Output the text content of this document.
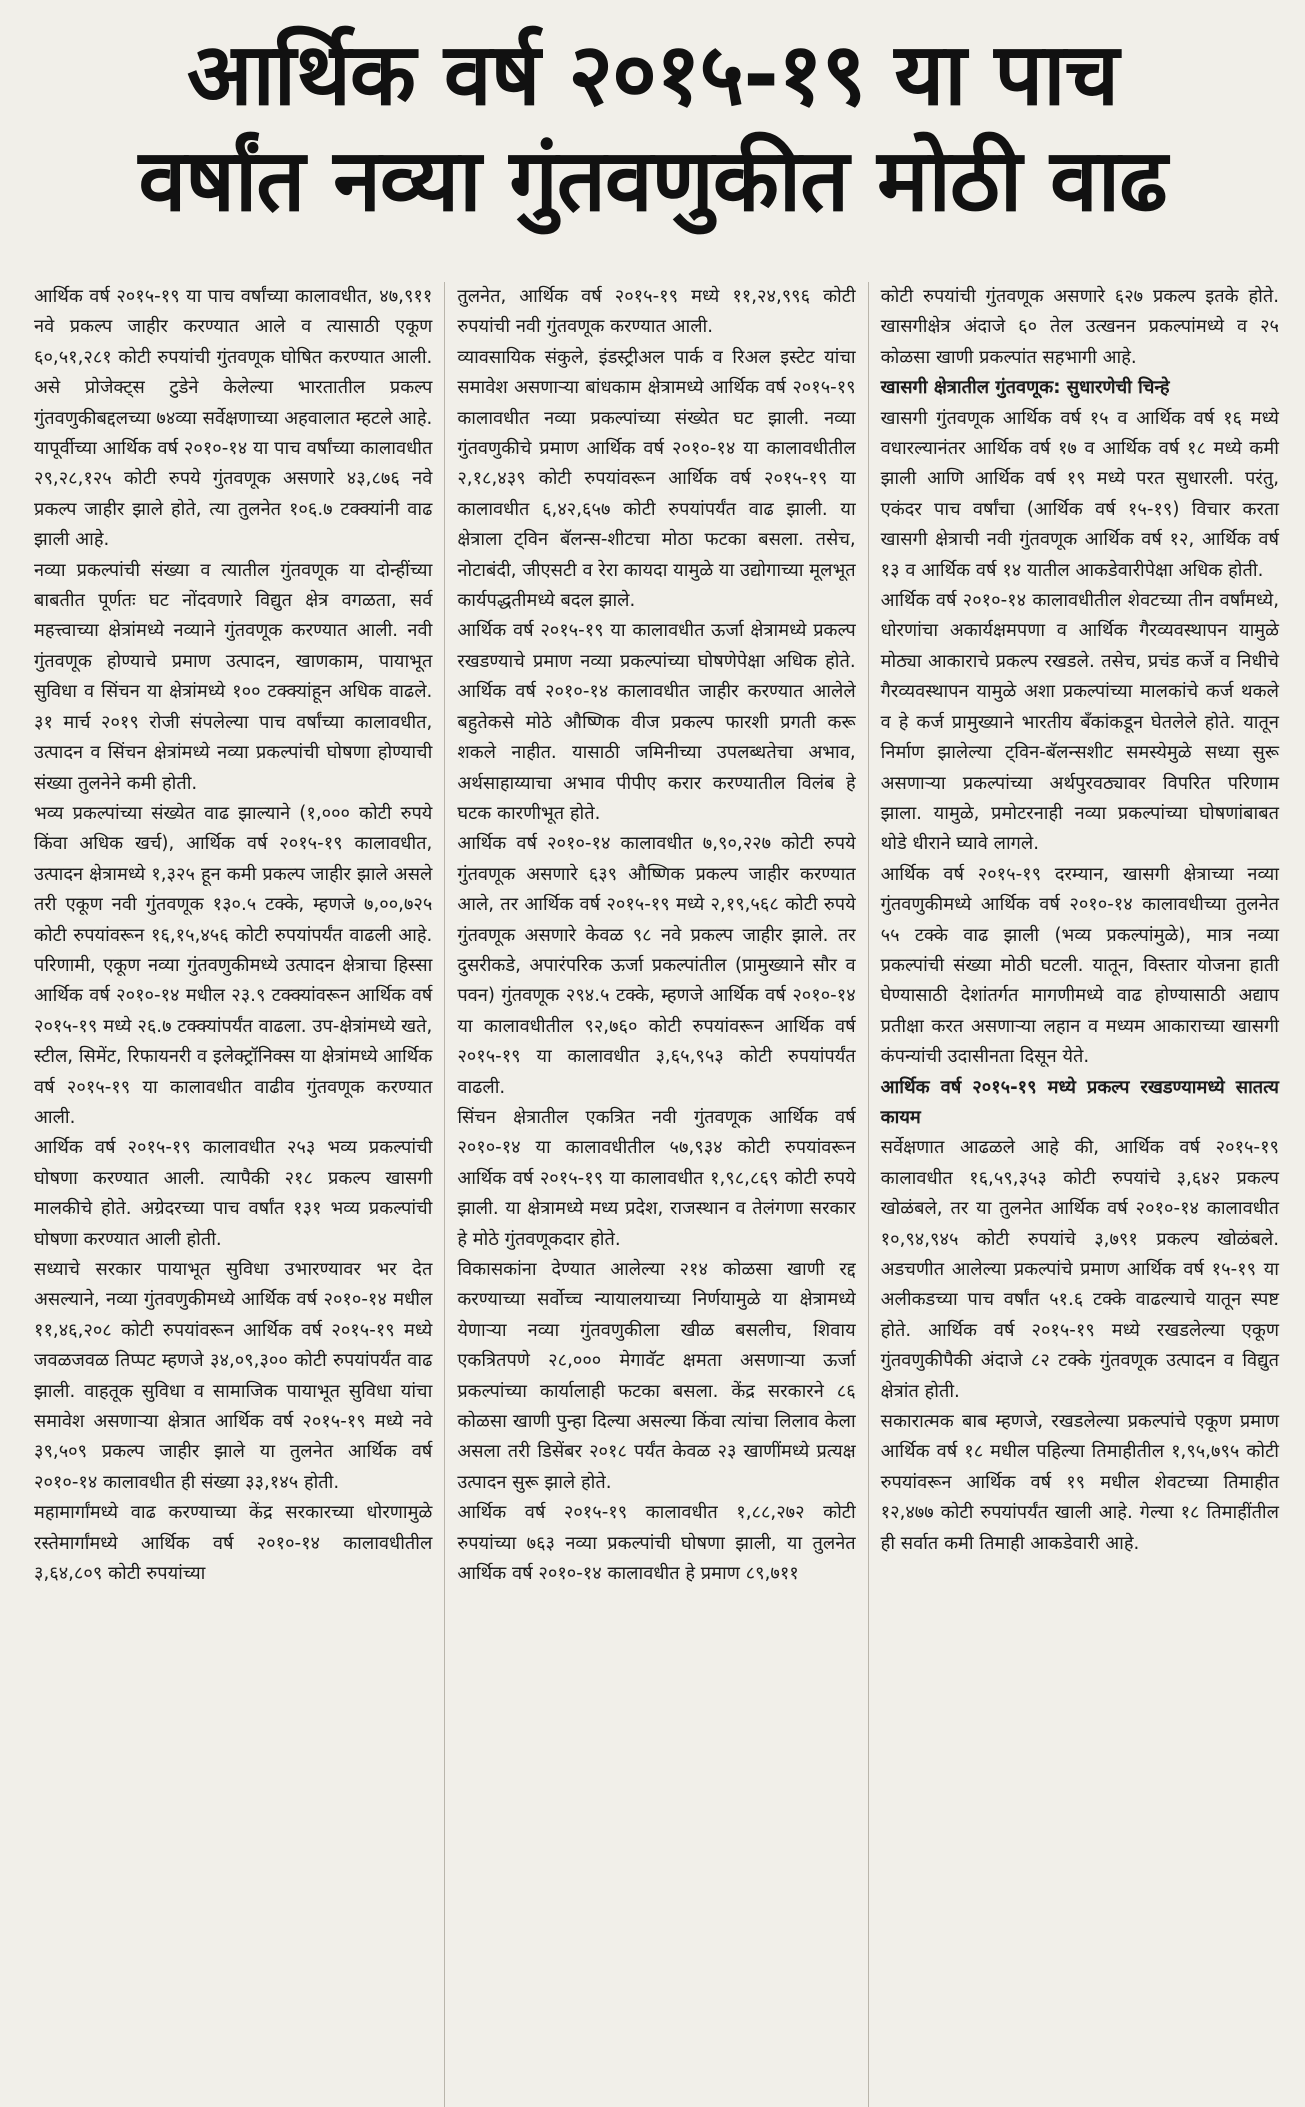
आर्थिक वर्ष २०१५-१९ या पाच
वर्षांत नव्या गुंतवणुकीत मोठी वाढ

आर्थिक वर्ष २०१५-१९ या पाच वर्षांच्या कालावधीत, ४७,९११ नवे प्रकल्प जाहीर करण्यात आले व त्यासाठी एकूण ६०,५१,२८१ कोटी रुपयांची गुंतवणूक घोषित करण्यात आली. असे प्रोजेक्ट्स टुडेने केलेल्या भारतातील प्रकल्प गुंतवणुकीबद्दलच्या ७४व्या सर्वेक्षणाच्या अहवालात म्हटले आहे. यापूर्वीच्या आर्थिक वर्ष २०१०-१४ या पाच वर्षांच्या कालावधीत २९,२८,१२५ कोटी रुपये गुंतवणूक असणारे ४३,८७६ नवे प्रकल्प जाहीर झाले होते, त्या तुलनेत १०६.७ टक्क्यांनी वाढ झाली आहे.

नव्या प्रकल्पांची संख्या व त्यातील गुंतवणूक या दोन्हींच्या बाबतीत पूर्णतः घट नोंदवणारे विद्युत क्षेत्र वगळता, सर्व महत्त्वाच्या क्षेत्रांमध्ये नव्याने गुंतवणूक करण्यात आली. नवी गुंतवणूक होण्याचे प्रमाण उत्पादन, खाणकाम, पायाभूत सुविधा व सिंचन या क्षेत्रांमध्ये १०० टक्क्यांहून अधिक वाढले. ३१ मार्च २०१९ रोजी संपलेल्या पाच वर्षांच्या कालावधीत, उत्पादन व सिंचन क्षेत्रांमध्ये नव्या प्रकल्पांची घोषणा होण्याची संख्या तुलनेने कमी होती.

भव्य प्रकल्पांच्या संख्येत वाढ झाल्याने (१,००० कोटी रुपये किंवा अधिक खर्च), आर्थिक वर्ष २०१५-१९ कालावधीत, उत्पादन क्षेत्रामध्ये १,३२५ हून कमी प्रकल्प जाहीर झाले असले तरी एकूण नवी गुंतवणूक १३०.५ टक्के, म्हणजे ७,००,७२५ कोटी रुपयांवरून १६,१५,४५६ कोटी रुपयांपर्यंत वाढली आहे. परिणामी, एकूण नव्या गुंतवणुकीमध्ये उत्पादन क्षेत्राचा हिस्सा आर्थिक वर्ष २०१०-१४ मधील २३.९ टक्क्यांवरून आर्थिक वर्ष २०१५-१९ मध्ये २६.७ टक्क्यांपर्यंत वाढला. उप-क्षेत्रांमध्ये खते, स्टील, सिमेंट, रिफायनरी व इलेक्ट्रॉनिक्स या क्षेत्रांमध्ये आर्थिक वर्ष २०१५-१९ या कालावधीत वाढीव गुंतवणूक करण्यात आली.

आर्थिक वर्ष २०१५-१९ कालावधीत २५३ भव्य प्रकल्पांची घोषणा करण्यात आली. त्यापैकी २१८ प्रकल्प खासगी मालकीचे होते. अग्रेदरच्या पाच वर्षांत १३१ भव्य प्रकल्पांची घोषणा करण्यात आली होती.

सध्याचे सरकार पायाभूत सुविधा उभारण्यावर भर देत असल्याने, नव्या गुंतवणुकीमध्ये आर्थिक वर्ष २०१०-१४ मधील ११,४६,२०८ कोटी रुपयांवरून आर्थिक वर्ष २०१५-१९ मध्ये जवळजवळ तिप्पट म्हणजे ३४,०९,३०० कोटी रुपयांपर्यंत वाढ झाली. वाहतूक सुविधा व सामाजिक पायाभूत सुविधा यांचा समावेश असणाऱ्या क्षेत्रात आर्थिक वर्ष २०१५-१९ मध्ये नवे ३९,५०९ प्रकल्प जाहीर झाले या तुलनेत आर्थिक वर्ष २०१०-१४ कालावधीत ही संख्या ३३,१४५ होती.

महामार्गांमध्ये वाढ करण्याच्या केंद्र सरकारच्या धोरणामुळे रस्तेमार्गांमध्ये आर्थिक वर्ष २०१०-१४ कालावधीतील ३,६४,८०९ कोटी रुपयांच्या

तुलनेत, आर्थिक वर्ष २०१५-१९ मध्ये ११,२४,९९६ कोटी रुपयांची नवी गुंतवणूक करण्यात आली.

व्यावसायिक संकुले, इंडस्ट्रीअल पार्क व रिअल इस्टेट यांचा समावेश असणाऱ्या बांधकाम क्षेत्रामध्ये आर्थिक वर्ष २०१५-१९ कालावधीत नव्या प्रकल्पांच्या संख्येत घट झाली. नव्या गुंतवणुकीचे प्रमाण आर्थिक वर्ष २०१०-१४ या कालावधीतील २,१८,४३९ कोटी रुपयांवरून आर्थिक वर्ष २०१५-१९ या कालावधीत ६,४२,६५७ कोटी रुपयांपर्यंत वाढ झाली. या क्षेत्राला ट्विन बॅलन्स-शीटचा मोठा फटका बसला. तसेच, नोटाबंदी, जीएसटी व रेरा कायदा यामुळे या उद्योगाच्या मूलभूत कार्यपद्धतीमध्ये बदल झाले.

आर्थिक वर्ष २०१५-१९ या कालावधीत ऊर्जा क्षेत्रामध्ये प्रकल्प रखडण्याचे प्रमाण नव्या प्रकल्पांच्या घोषणेपेक्षा अधिक होते. आर्थिक वर्ष २०१०-१४ कालावधीत जाहीर करण्यात आलेले बहुतेकसे मोठे औष्णिक वीज प्रकल्प फारशी प्रगती करू शकले नाहीत. यासाठी जमिनीच्या उपलब्धतेचा अभाव, अर्थसाहाय्याचा अभाव पीपीए करार करण्यातील विलंब हे घटक कारणीभूत होते.

आर्थिक वर्ष २०१०-१४ कालावधीत ७,९०,२२७ कोटी रुपये गुंतवणूक असणारे ६३९ औष्णिक प्रकल्प जाहीर करण्यात आले, तर आर्थिक वर्ष २०१५-१९ मध्ये २,१९,५६८ कोटी रुपये गुंतवणूक असणारे केवळ ९८ नवे प्रकल्प जाहीर झाले. तर दुसरीकडे, अपारंपरिक ऊर्जा प्रकल्पांतील (प्रामुख्याने सौर व पवन) गुंतवणूक २९४.५ टक्के, म्हणजे आर्थिक वर्ष २०१०-१४ या कालावधीतील ९२,७६० कोटी रुपयांवरून आर्थिक वर्ष २०१५-१९ या कालावधीत ३,६५,९५३ कोटी रुपयांपर्यंत वाढली.

सिंचन क्षेत्रातील एकत्रित नवी गुंतवणूक आर्थिक वर्ष २०१०-१४ या कालावधीतील ५७,९३४ कोटी रुपयांवरून आर्थिक वर्ष २०१५-१९ या कालावधीत १,९८,८६९ कोटी रुपये झाली. या क्षेत्रामध्ये मध्य प्रदेश, राजस्थान व तेलंगणा सरकार हे मोठे गुंतवणूकदार होते.

विकासकांना देण्यात आलेल्या २१४ कोळसा खाणी रद्द करण्याच्या सर्वोच्च न्यायालयाच्या निर्णयामुळे या क्षेत्रामध्ये येणाऱ्या नव्या गुंतवणुकीला खीळ बसलीच, शिवाय एकत्रितपणे २८,००० मेगावॅट क्षमता असणाऱ्या ऊर्जा प्रकल्पांच्या कार्यालाही फटका बसला. केंद्र सरकारने ८६ कोळसा खाणी पुन्हा दिल्या असल्या किंवा त्यांचा लिलाव केला असला तरी डिसेंबर २०१८ पर्यंत केवळ २३ खाणींमध्ये प्रत्यक्ष उत्पादन सुरू झाले होते.

आर्थिक वर्ष २०१५-१९ कालावधीत १,८८,२७२ कोटी रुपयांच्या ७६३ नव्या प्रकल्पांची घोषणा झाली, या तुलनेत आर्थिक वर्ष २०१०-१४ कालावधीत हे प्रमाण ८९,७११

कोटी रुपयांची गुंतवणूक असणारे ६२७ प्रकल्प इतके होते. खासगीक्षेत्र अंदाजे ६० तेल उत्खनन प्रकल्पांमध्ये व २५ कोळसा खाणी प्रकल्पांत सहभागी आहे.

खासगी क्षेत्रातील गुंतवणूक: सुधारणेची चिन्हे

खासगी गुंतवणूक आर्थिक वर्ष १५ व आर्थिक वर्ष १६ मध्ये वधारल्यानंतर आर्थिक वर्ष १७ व आर्थिक वर्ष १८ मध्ये कमी झाली आणि आर्थिक वर्ष १९ मध्ये परत सुधारली. परंतु, एकंदर पाच वर्षांचा (आर्थिक वर्ष १५-१९) विचार करता खासगी क्षेत्राची नवी गुंतवणूक आर्थिक वर्ष १२, आर्थिक वर्ष १३ व आर्थिक वर्ष १४ यातील आकडेवारीपेक्षा अधिक होती.

आर्थिक वर्ष २०१०-१४ कालावधीतील शेवटच्या तीन वर्षांमध्ये, धोरणांचा अकार्यक्षमपणा व आर्थिक गैरव्यवस्थापन यामुळे मोठ्या आकाराचे प्रकल्प रखडले. तसेच, प्रचंड कर्जे व निधीचे गैरव्यवस्थापन यामुळे अशा प्रकल्पांच्या मालकांचे कर्ज थकले व हे कर्ज प्रामुख्याने भारतीय बँकांकडून घेतलेले होते. यातून निर्माण झालेल्या ट्विन-बॅलन्सशीट समस्येमुळे सध्या सुरू असणाऱ्या प्रकल्पांच्या अर्थपुरवठ्यावर विपरित परिणाम झाला. यामुळे, प्रमोटरनाही नव्या प्रकल्पांच्या घोषणांबाबत थोडे धीराने घ्यावे लागले.

आर्थिक वर्ष २०१५-१९ दरम्यान, खासगी क्षेत्राच्या नव्या गुंतवणुकीमध्ये आर्थिक वर्ष २०१०-१४ कालावधीच्या तुलनेत ५५ टक्के वाढ झाली (भव्य प्रकल्पांमुळे), मात्र नव्या प्रकल्पांची संख्या मोठी घटली. यातून, विस्तार योजना हाती घेण्यासाठी देशांतर्गत मागणीमध्ये वाढ होण्यासाठी अद्याप प्रतीक्षा करत असणाऱ्या लहान व मध्यम आकाराच्या खासगी कंपन्यांची उदासीनता दिसून येते.

आर्थिक वर्ष २०१५-१९ मध्ये प्रकल्प रखडण्यामध्ये सातत्य कायम

सर्वेक्षणात आढळले आहे की, आर्थिक वर्ष २०१५-१९ कालावधीत १६,५९,३५३ कोटी रुपयांचे ३,६४२ प्रकल्प खोळंबले, तर या तुलनेत आर्थिक वर्ष २०१०-१४ कालावधीत १०,९४,९४५ कोटी रुपयांचे ३,७९१ प्रकल्प खोळंबले. अडचणीत आलेल्या प्रकल्पांचे प्रमाण आर्थिक वर्ष १५-१९ या अलीकडच्या पाच वर्षांत ५१.६ टक्के वाढल्याचे यातून स्पष्ट होते. आर्थिक वर्ष २०१५-१९ मध्ये रखडलेल्या एकूण गुंतवणुकीपैकी अंदाजे ८२ टक्के गुंतवणूक उत्पादन व विद्युत क्षेत्रांत होती.

सकारात्मक बाब म्हणजे, रखडलेल्या प्रकल्पांचे एकूण प्रमाण आर्थिक वर्ष १८ मधील पहिल्या तिमाहीतील १,९५,७९५ कोटी रुपयांवरून आर्थिक वर्ष १९ मधील शेवटच्या तिमाहीत १२,४७७ कोटी रुपयांपर्यंत खाली आहे. गेल्या १८ तिमाहींतील ही सर्वात कमी तिमाही आकडेवारी आहे.
